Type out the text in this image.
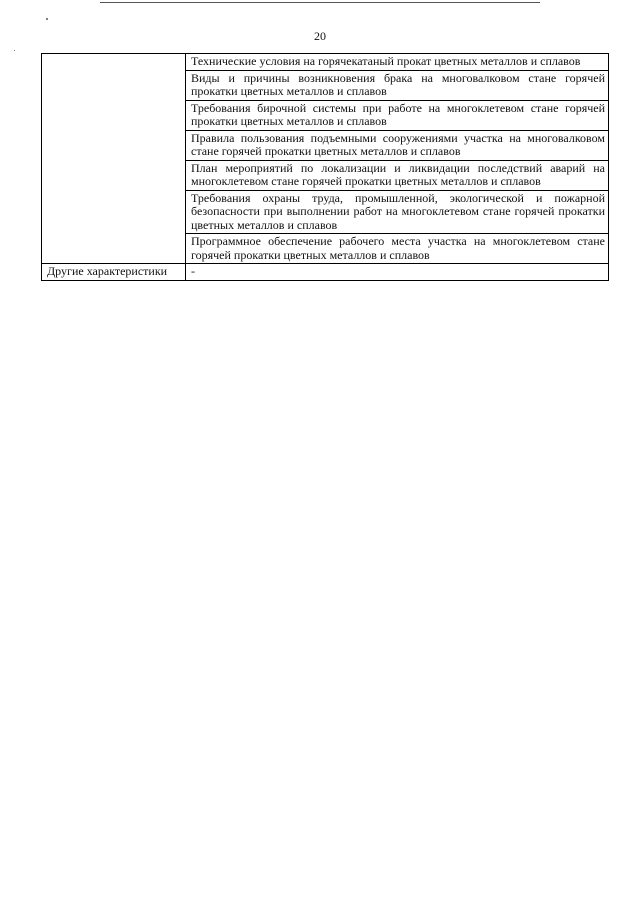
20
	Технические условия на горячекатаный прокат цветных металлов и сплавов
	Виды и причины возникновения брака на многовалковом стане горячей прокатки цветных металлов и сплавов
	Требования бирочной системы при работе на многоклетевом стане горячей прокатки цветных металлов и сплавов
	Правила пользования подъемными сооружениями участка на многовалковом стане горячей прокатки цветных металлов и сплавов
	План мероприятий по локализации и ликвидации последствий аварий на многоклетевом стане горячей прокатки цветных металлов и сплавов
	Требования охраны труда, промышленной, экологической и пожарной безопасности при выполнении работ на многоклетевом стане горячей прокатки цветных металлов и сплавов
	Программное обеспечение рабочего места участка на многоклетевом стане горячей прокатки цветных металлов и сплавов
Другие характеристики	-
